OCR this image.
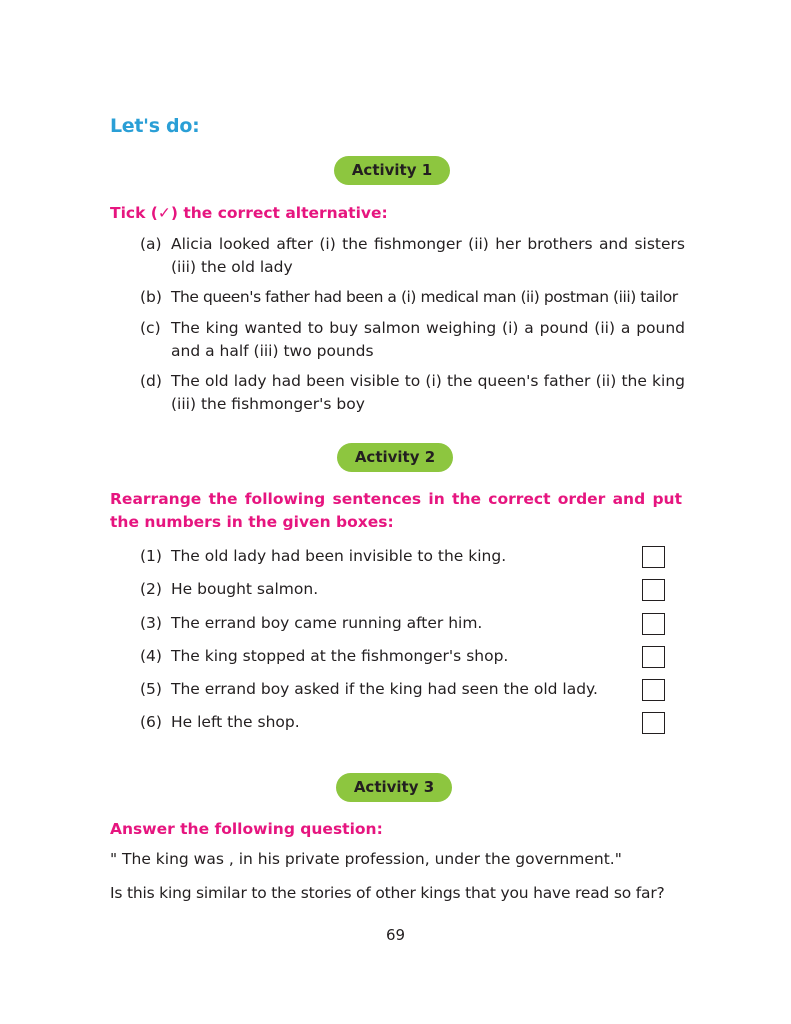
Let's do:
Activity 1
Tick (✓) the correct alternative:
(a) Alicia looked after (i) the fishmonger (ii) her brothers and sisters (iii) the old lady
(b) The queen's father had been a (i) medical man (ii) postman (iii) tailor
(c) The king wanted to buy salmon weighing (i) a pound (ii) a pound and a half (iii) two pounds
(d) The old lady had been visible to (i) the queen's father (ii) the king (iii) the fishmonger's boy
Activity 2
Rearrange the following sentences in the correct order and put the numbers in the given boxes:
(1) The old lady had been invisible to the king.
(2) He bought salmon.
(3) The errand boy came running after him.
(4) The king stopped at the fishmonger's shop.
(5) The errand boy asked if the king had seen the old lady.
(6) He left the shop.
Activity 3
Answer the following question:
" The king was , in his private profession, under the government."
Is this king similar to the stories of other kings that you have read so far?
69
